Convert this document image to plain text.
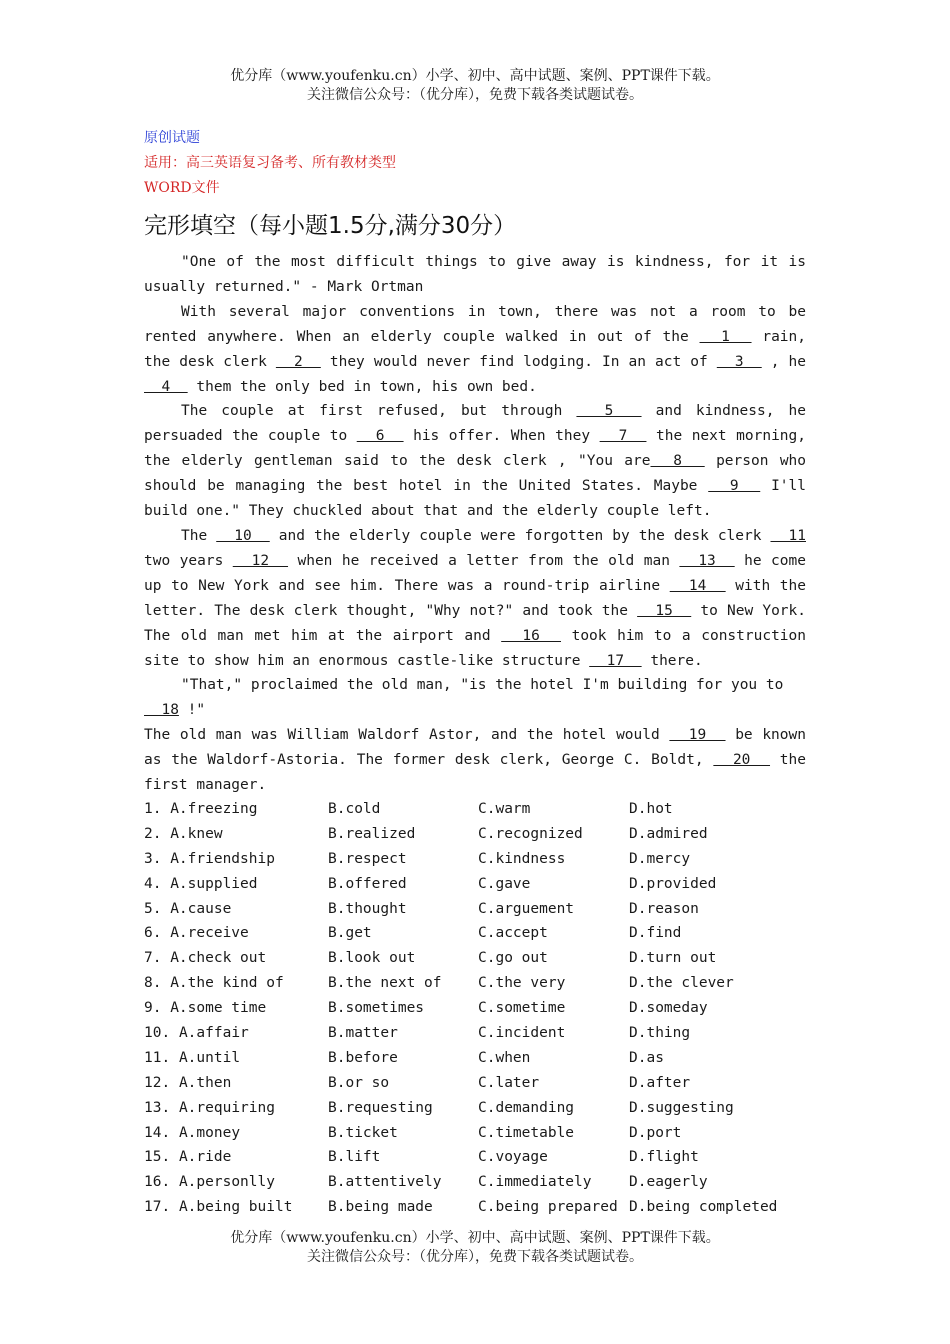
优分库（www.youfenku.cn）小学、初中、高中试题、案例、PPT课件下载。
关注微信公众号：（优分库），免费下载各类试题试卷。
原创试题
适用：高三英语复习备考、所有教材类型
WORD文件
完形填空（每小题1.5分,满分30分）

"One of the most difficult things to give away is kindness, for it is usually returned." - Mark Ortman

With several major conventions in town, there was not a room to be rented anywhere. When an elderly couple walked in out of the   1   rain, the desk clerk   2   they would never find lodging. In an act of   3   , he   4   them the only bed in town, his own bed.

The couple at first refused, but through   5   and kindness, he persuaded the couple to   6   his offer. When they   7   the next morning, the elderly gentleman said to the desk clerk , "You are  8   person who should be managing the best hotel in the United States. Maybe   9   I'll build one." They chuckled about that and the elderly couple left.

The   10   and the elderly couple were forgotten by the desk clerk   11 two years   12   when he received a letter from the old man   13   he come up to New York and see him. There was a round-trip airline   14   with the letter. The desk clerk thought, "Why not?" and took the   15   to New York. The old man met him at the airport and   16   took him to a construction site to show him an enormous castle-like structure   17   there.

"That," proclaimed the old man, "is the hotel I'm building for you to  18 !"

The old man was William Waldorf Astor, and the hotel would   19   be known as the Waldorf-Astoria. The former desk clerk, George C. Boldt,   20   the first manager.

1. A.freezing	B.cold	C.warm	D.hot
2. A.knew	B.realized	C.recognized	D.admired
3. A.friendship	B.respect	C.kindness	D.mercy
4. A.supplied	B.offered	C.gave	D.provided
5. A.cause	B.thought	C.arguement	D.reason
6. A.receive	B.get	C.accept	D.find
7. A.check out	B.look out	C.go out	D.turn out
8. A.the kind of	B.the next of	C.the very	D.the clever
9. A.some time	B.sometimes	C.sometime	D.someday
10. A.affair	B.matter	C.incident	D.thing
11. A.until	B.before	C.when	D.as
12. A.then	B.or so	C.later	D.after
13. A.requiring	B.requesting	C.demanding	D.suggesting
14. A.money	B.ticket	C.timetable	D.port
15. A.ride	B.lift	C.voyage	D.flight
16. A.personlly	B.attentively	C.immediately	D.eagerly
17. A.being built	B.being made	C.being prepared D.being completed
优分库（www.youfenku.cn）小学、初中、高中试题、案例、PPT课件下载。
关注微信公众号：（优分库），免费下载各类试题试卷。
